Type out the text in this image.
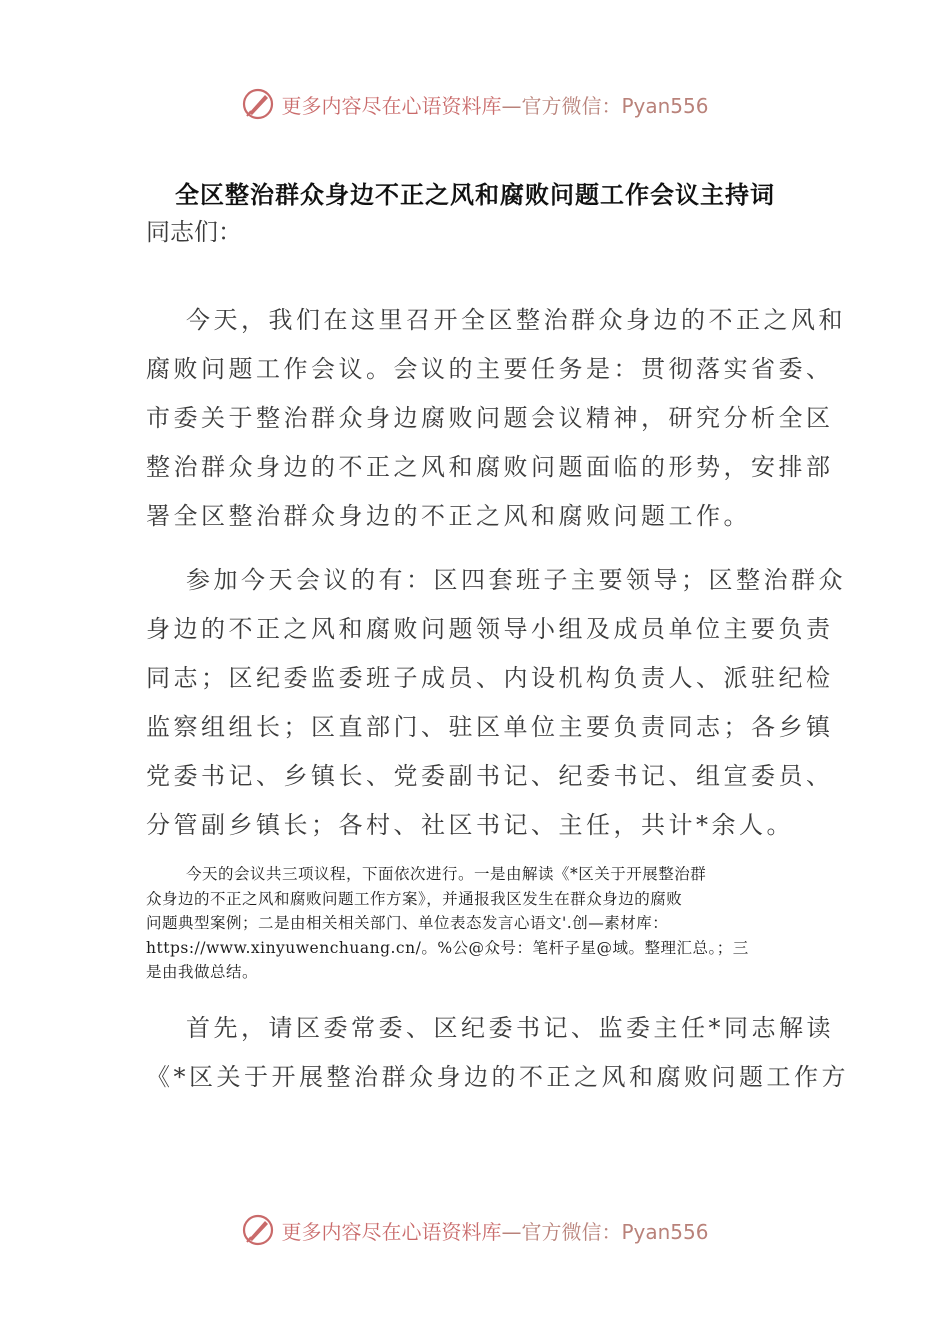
更多内容尽在心语资料库 —官方微信：Pyan556
全区整治群众身边不正之风和腐败问题工作会议主持词
同志们：

今天，我们在这里召开全区整治群众身边的不正之风和

腐败问题工作会议。会议的主要任务是：贯彻落实省委、

市委关于整治群众身边腐败问题会议精神，研究分析全区

整治群众身边的不正之风和腐败问题面临的形势，安排部

署全区整治群众身边的不正之风和腐败问题工作。

参加今天会议的有：区四套班子主要领导；区整治群众

身边的不正之风和腐败问题领导小组及成员单位主要负责

同志；区纪委监委班子成员、内设机构负责人、派驻纪检

监察组组长；区直部门、驻区单位主要负责同志；各乡镇

党委书记、乡镇长、党委副书记、纪委书记、组宣委员、

分管副乡镇长；各村、社区书记、主任，共计*余人。

今天的会议共三项议程，下面依次进行。一是由解读《*区关于开展整治群

众身边的不正之风和腐败问题工作方案》，并通报我区发生在群众身边的腐败

问题典型案例；二是由相关相关部门、单位表态发言心语文'.创—素材库：

https://www.xinyuwenchuang.cn/。%公@众号：笔杆子星@域。整理汇总。；三

是由我做总结。

首先，请区委常委、区纪委书记、监委主任*同志解读

《*区关于开展整治群众身边的不正之风和腐败问题工作方

更多内容尽在心语资料库 —官方微信：Pyan556
